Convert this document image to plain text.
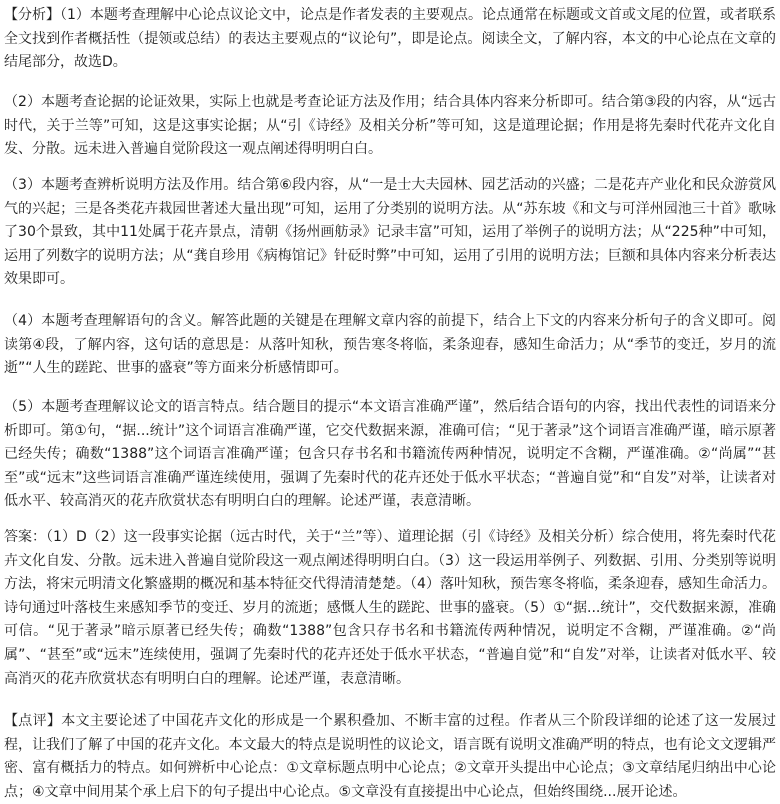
【分析】（1）本题考查理解中心论点议论文中，论点是作者发表的主要观点。论点通常在标题或文首或文尾的位置，或者联系全文找到作者概括性（提领或总结）的表达主要观点的“议论句”，即是论点。阅读全文，了解内容，本文的中心论点在文章的结尾部分，故选D。

（2）本题考查论据的论证效果，实际上也就是考查论证方法及作用；结合具体内容来分析即可。结合第③段的内容，从“远古时代，关于兰等”可知，这是这事实论据；从“引《诗经》及相关分析”等可知，这是道理论据；作用是将先秦时代花卉文化自发、分散。远未进入普遍自觉阶段这一观点阐述得明明白白。

（3）本题考查辨析说明方法及作用。结合第⑥段内容，从“一是士大夫园林、园艺活动的兴盛；二是花卉产业化和民众游赏风气的兴起；三是各类花卉栽园世著述大量出现”可知，运用了分类别的说明方法。从“苏东坡《和文与可洋州园池三十首》歌咏了30个景致，其中11处属于花卉景点，清朝《扬州画舫录》记录丰富”可知，运用了举例子的说明方法；从“225种”中可知，运用了列数字的说明方法；从“龚自珍用《病梅馆记》针砭时弊”中可知，运用了引用的说明方法；巨额和具体内容来分析表达效果即可。

（4）本题考查理解语句的含义。解答此题的关键是在理解文章内容的前提下，结合上下文的内容来分析句子的含义即可。阅读第④段，了解内容，这句话的意思是：从落叶知秋，预告寒冬将临，柔条迎春，感知生命活力；从“季节的变迁，岁月的流逝”“人生的蹉跎、世事的盛衰”等方面来分析感情即可。

（5）本题考查理解议论文的语言特点。结合题目的提示“本文语言准确严谨”，然后结合语句的内容，找出代表性的词语来分析即可。第①句，“据...统计”这个词语言准确严谨，它交代数据来源，准确可信；“见于著录”这个词语言准确严谨，暗示原著已经失传；确数“1388”这个词语言准确严谨；包含只存书名和书籍流传两种情况，说明定不含糊，严谨准确。②“尚属”“甚至”或“远末”这些词语言准确严谨连续使用，强调了先秦时代的花卉还处于低水平状态；“普遍自觉”和“自发”对举，让读者对低水平、较高消灭的花卉欣赏状态有明明白白的理解。论述严谨，表意清晰。

答案：（1）D（2）这一段事实论据（远古时代，关于“兰”等）、道理论据（引《诗经》及相关分析）综合使用，将先秦时代花卉文化自发、分散。远未进入普遍自觉阶段这一观点阐述得明明白白。（3）这一段运用举例子、列数据、引用、分类别等说明方法，将宋元明清文化繁盛期的概况和基本特征交代得清清楚楚。（4）落叶知秋，预告寒冬将临，柔条迎春，感知生命活力。诗句通过叶落枝生来感知季节的变迁、岁月的流逝；感慨人生的蹉跎、世事的盛衰。（5）①“据...统计”，交代数据来源，准确可信。“见于著录”暗示原著已经失传；确数“1388”包含只存书名和书籍流传两种情况，说明定不含糊，严谨准确。②“尚属”、“甚至”或“远末”连续使用，强调了先秦时代的花卉还处于低水平状态，“普遍自觉”和“自发”对举，让读者对低水平、较高消灭的花卉欣赏状态有明明白白的理解。论述严谨，表意清晰。

【点评】本文主要论述了中国花卉文化的形成是一个累积叠加、不断丰富的过程。作者从三个阶段详细的论述了这一发展过程，让我们了解了中国的花卉文化。本文最大的特点是说明性的议论文，语言既有说明文准确严明的特点，也有论文文逻辑严密、富有概括力的特点。如何辨析中心论点：①文章标题点明中心论点；②文章开头提出中心论点；③文章结尾归纳出中心论点；④文章中间用某个承上启下的句子提出中心论点。⑤文章没有直接提出中心论点，但始终围绕...展开论述。
